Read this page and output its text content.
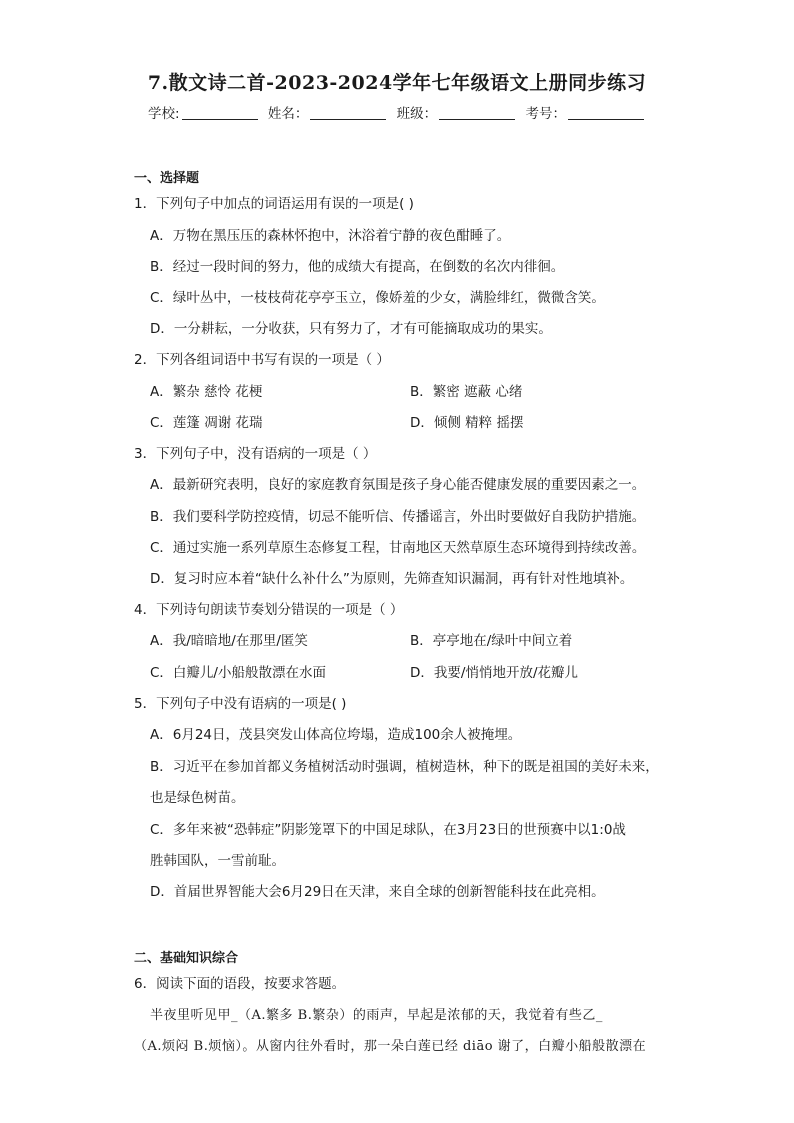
7.散文诗二首-2023-2024学年七年级语文上册同步练习
学校:	姓名：	班级：	考号：
一、选择题
1．下列句子中加点的词语运用有误的一项是( )
A．万物在黑压压的森林怀抱中，沐浴着宁静的夜色酣睡了。
B．经过一段时间的努力，他的成绩大有提高，在倒数的名次内徘徊。
C．绿叶丛中，一枝枝荷花亭亭玉立，像娇羞的少女，满脸绯红，微微含笑。
D．一分耕耘，一分收获，只有努力了，才有可能摘取成功的果实。
2．下列各组词语中书写有误的一项是（ ）
A．繁杂 慈怜 花梗	B．繁密 遮蔽 心绪
C．莲篷 凋谢 花瑞	D．倾侧 精粹 摇摆
3．下列句子中，没有语病的一项是（ ）
A．最新研究表明，良好的家庭教育氛围是孩子身心能否健康发展的重要因素之一。
B．我们要科学防控疫情，切忌不能听信、传播谣言，外出时要做好自我防护措施。
C．通过实施一系列草原生态修复工程，甘南地区天然草原生态环境得到持续改善。
D．复习时应本着“缺什么补什么”为原则，先筛查知识漏洞，再有针对性地填补。
4．下列诗句朗读节奏划分错误的一项是（ ）
A．我/暗暗地/在那里/匿笑	B．亭亭地在/绿叶中间立着
C．白瓣儿/小船般散漂在水面	D．我要/悄悄地开放/花瓣儿
5．下列句子中没有语病的一项是( )
A．6月24日，茂县突发山体高位垮塌，造成100余人被掩埋。
B．习近平在参加首都义务植树活动时强调，植树造林，种下的既是祖国的美好未来，
也是绿色树苗。
C．多年来被“恐韩症”阴影笼罩下的中国足球队，在3月23日的世预赛中以1:0战
胜韩国队，一雪前耻。
D．首届世界智能大会6月29日在天津，来自全球的创新智能科技在此亮相。
二、基础知识综合
6．阅读下面的语段，按要求答题。
半夜里听见甲_（A.繁多 B.繁杂）的雨声，早起是浓郁的天，我觉着有些乙_
（A.烦闷 B.烦恼）。从窗内往外看时，那一朵白莲已经 diāo 谢了，白瓣小船般散漂在
